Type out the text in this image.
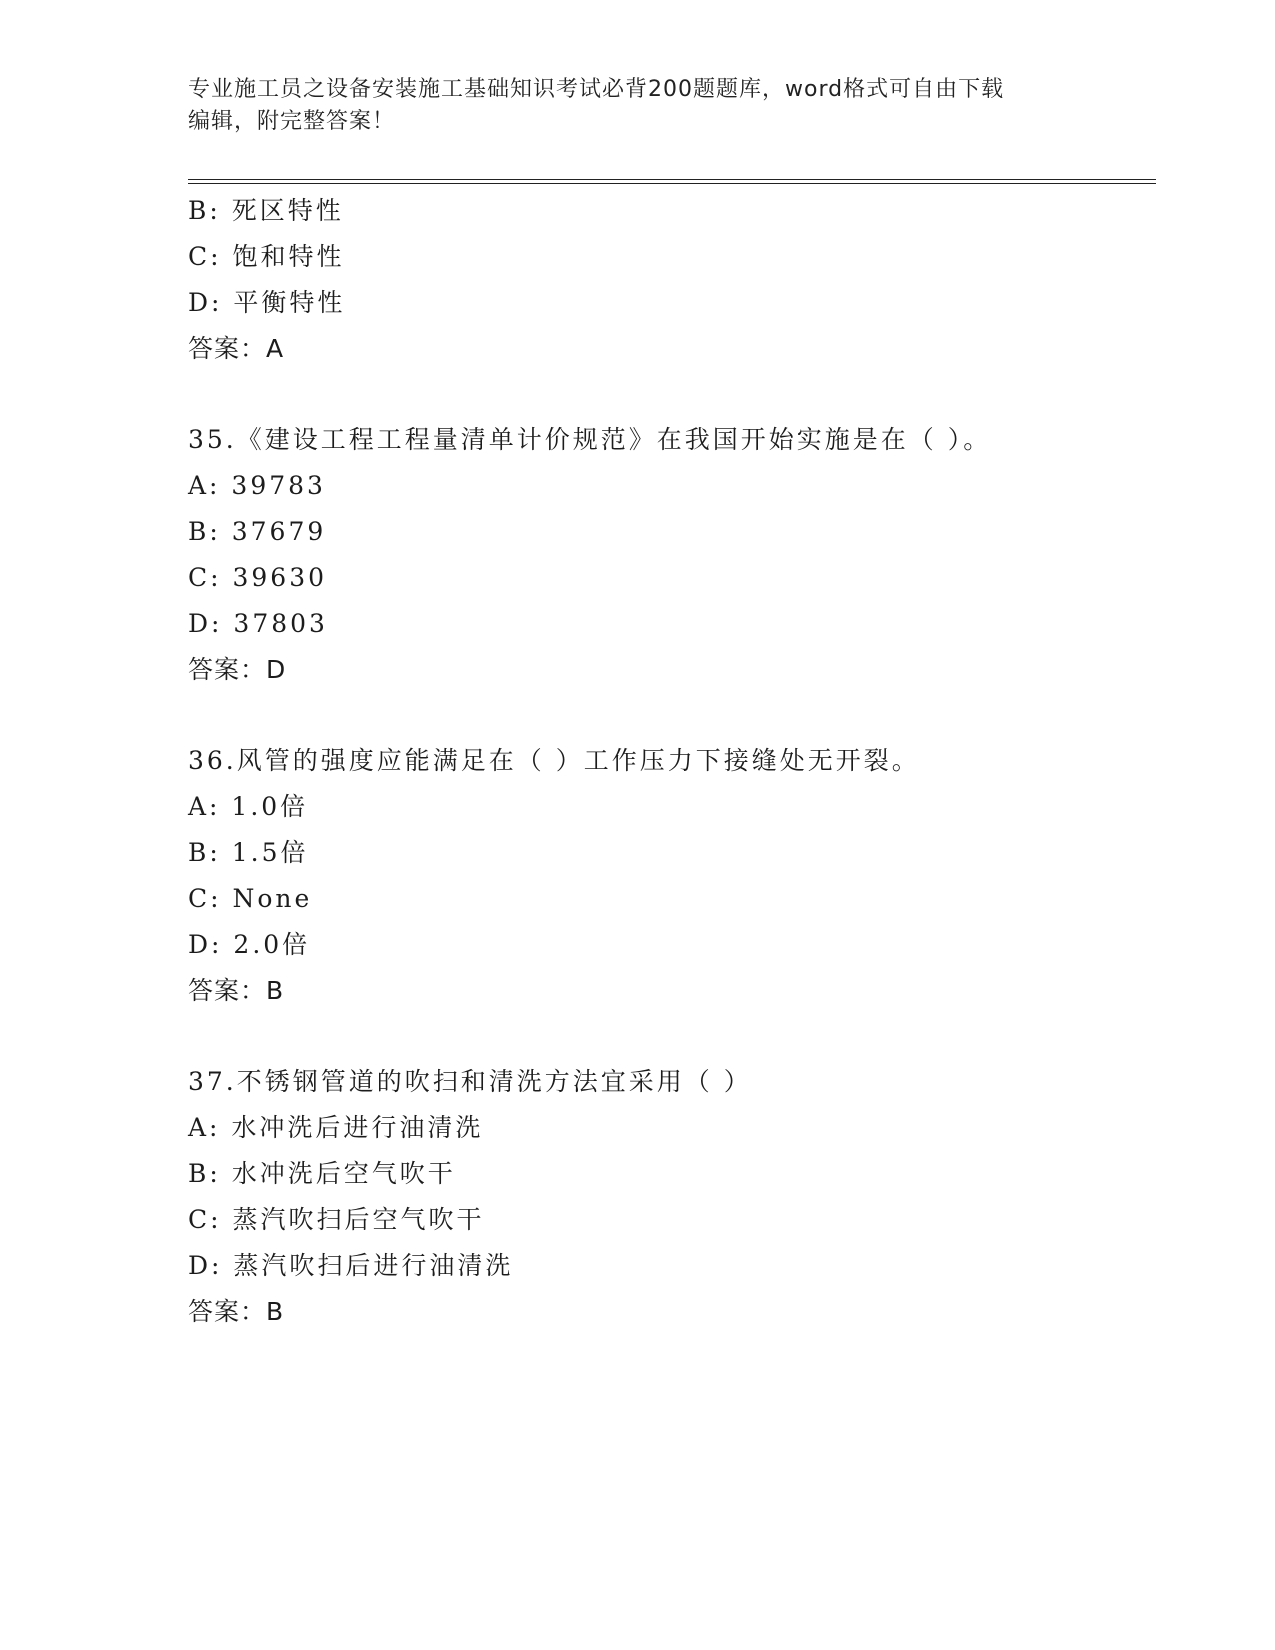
专业施工员之设备安装施工基础知识考试必背200题题库，word格式可自由下载
编辑，附完整答案！
B: 死区特性
C: 饱和特性
D: 平衡特性
答案：A
35.《建设工程工程量清单计价规范》在我国开始实施是在（ ）。
A: 39783
B: 37679
C: 39630
D: 37803
答案：D
36.风管的强度应能满足在（ ）工作压力下接缝处无开裂。
A: 1.0倍
B: 1.5倍
C: None
D: 2.0倍
答案：B
37.不锈钢管道的吹扫和清洗方法宜采用（ ）
A: 水冲洗后进行油清洗
B: 水冲洗后空气吹干
C: 蒸汽吹扫后空气吹干
D: 蒸汽吹扫后进行油清洗
答案：B
